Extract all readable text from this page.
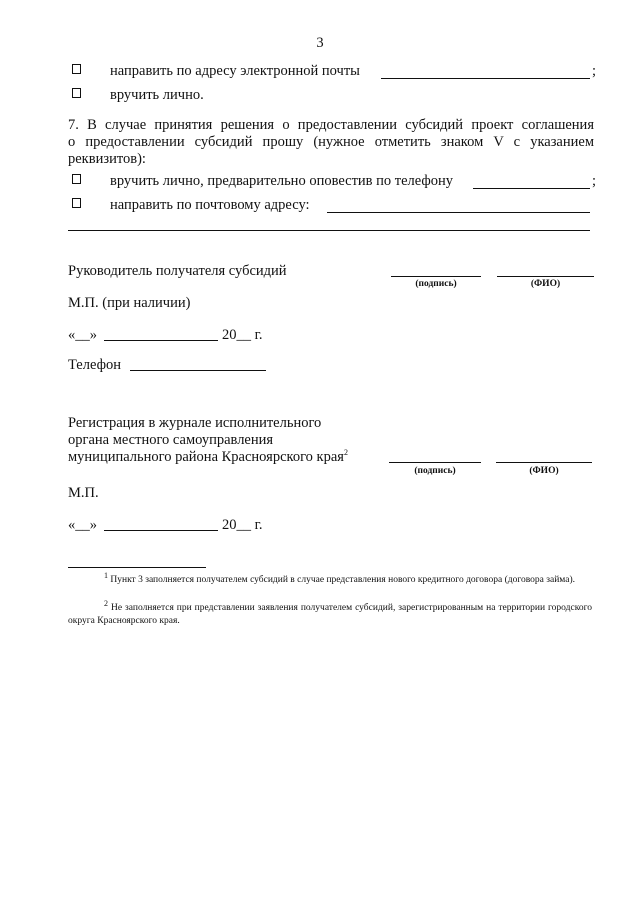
3
направить по адресу электронной почты	;
вручить лично.
7. В случае принятия решения о предоставлении субсидий проект соглашения
о предоставлении субсидий прошу (нужное отметить знаком V с указанием
реквизитов):
вручить лично, предварительно оповестив по телефону	;
направить по почтовому адресу:
Руководитель получателя субсидий
(подпись)	(ФИО)
М.П. (при наличии)
«__»	20__ г.
Телефон
Регистрация в журнале исполнительного
органа местного самоуправления
муниципального района Красноярского края$^2$
(подпись)	(ФИО)
М.П.
«__»	20__ г.
$^1$ Пункт 3 заполняется получателем субсидий в случае представления нового кредитного договора (договора займа).
$^2$ Не заполняется при представлении заявления получателем субсидий, зарегистрированным на территории городского округа Красноярского края.
